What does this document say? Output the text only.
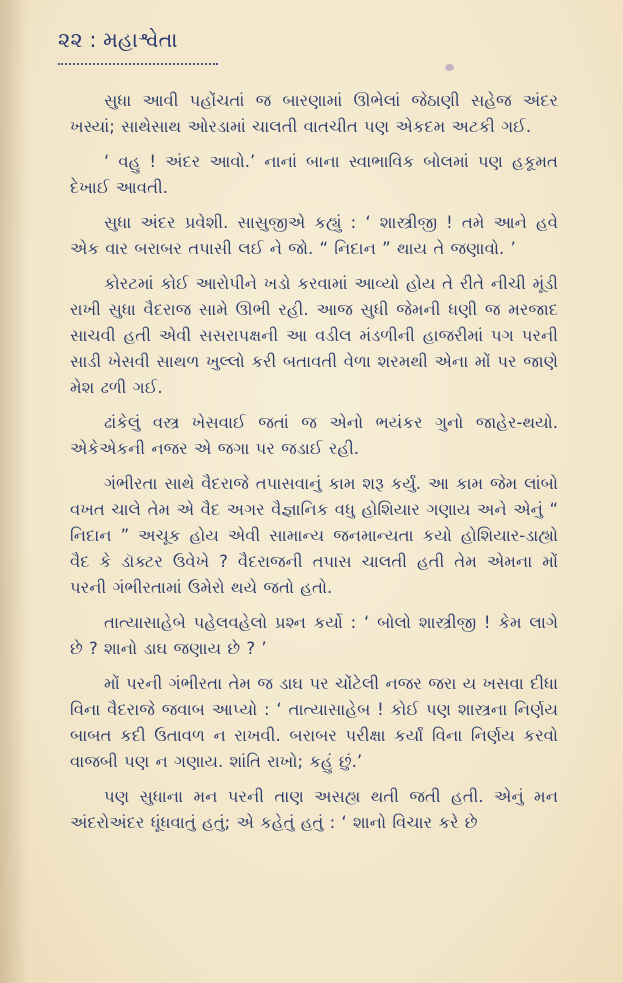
૨૨ : મહાશ્વેતા

સુધા આવી પહોંચતાં જ બારણામાં ઊભેલાં જેઠાણી સહેજ અંદર ખસ્યાં; સાથેસાથ ઓરડામાં ચાલતી વાતચીત પણ એકદમ અટકી ગઈ.

‘ વહુ ! અંદર આવો.’ નાનાં બાના સ્વાભાવિક બોલમાં પણ હકૂમત દેખાઈ આવતી.

સુધા અંદર પ્રવેશી. સાસુજીએ કહ્યું : ‘ શાસ્ત્રીજી ! તમે આને હવે એક વાર બરાબર તપાસી લઈ ને જો. “ નિદાન ” થાય તે જણાવો. ’

કોરટમાં કોઈ આરોપીને ખડો કરવામાં આવ્યો હોય તે રીતે નીચી મૂંડી રાખી સુધા વૈદરાજ સામે ઊભી રહી. આજ સુધી જેમની ધણી જ મરજાદ સાચવી હતી એવી સસરાપક્ષની આ વડીલ મંડળીની હાજરીમાં પગ પરની સાડી ખેસવી સાથળ ખુલ્લો કરી બતાવતી વેળા શરમથી એના મોં પર જાણે મેશ ઢળી ગઈ.

ઢાંકેલું વસ્ત્ર ખેસવાઈ જતાં જ એનો ભયંકર ગુનો જાહેર-થયો. એકેએકની નજર એ જગા પર જડાઈ રહી.

ગંભીરતા સાથે વૈદરાજે તપાસવાનું કામ શરૂ કર્યું. આ કામ જેમ લાંબો વખત ચાલે તેમ એ વૈદ અગર વૈજ્ઞાનિક વધુ હોશિયાર ગણાય અને એનું “ નિદાન ” અચૂક હોય એવી સામાન્ય જનમાન્યતા કયો હોશિયાર-ડાહ્યો વૈદ કે ડૉક્ટર ઉવેખે ? વૈદરાજની તપાસ ચાલતી હતી તેમ એમના મોં પરની ગંભીરતામાં ઉમેરો થયે જતો હતો.

તાત્યાસાહેબે પહેલવહેલો પ્રશ્ન કર્યો : ‘ બોલો શાસ્ત્રીજી ! કેમ લાગે છે ? શાનો ડાઘ જણાય છે ? ’

મોં પરની ગંભીરતા તેમ જ ડાઘ પર ચોંટેલી નજર જરા ય ખસવા દીધા વિના વૈદરાજે જવાબ આપ્યો : ‘ તાત્યાસાહેબ ! કોઈ પણ શાસ્ત્રના નિર્ણય બાબત કદી ઉતાવળ ન રાખવી. બરાબર પરીક્ષા કર્યાં વિના નિર્ણય કરવો વાજબી પણ ન ગણાય. શાંતિ રાખો; કહું છું.’

પણ સુધાના મન પરની તાણ અસહ્ય થતી જતી હતી. એનું મન અંદરોઅંદર ધૂંધવાતું હતું; એ કહેતું હતું : ‘ શાનો વિચાર કરે છે
